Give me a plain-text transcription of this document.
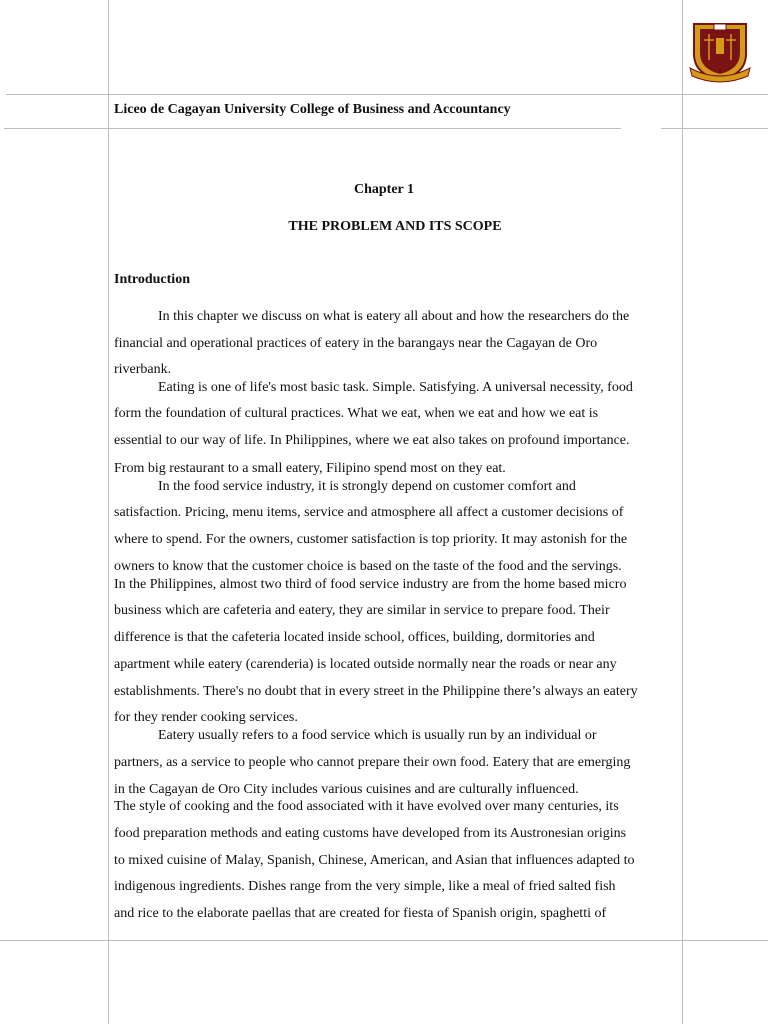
Liceo de Cagayan University College of Business and Accountancy
Chapter 1
THE PROBLEM AND ITS SCOPE
Introduction
In this chapter we discuss on what is eatery all about and how the researchers do the
financial and operational practices of eatery in the barangays near the Cagayan de Oro
riverbank.
Eating is one of life's most basic task. Simple. Satisfying. A universal necessity, food
form the foundation of cultural practices. What we eat, when we eat and how we eat is
essential to our way of life. In Philippines, where we eat also takes on profound importance.
From big restaurant to a small eatery, Filipino spend most on they eat.
In the food service industry, it is strongly depend on customer comfort and
satisfaction. Pricing, menu items, service and atmosphere all affect a customer decisions of
where to spend. For the owners, customer satisfaction is top priority. It may astonish for the
owners to know that the customer choice is based on the taste of the food and the servings.
In the Philippines, almost two third of food service industry are from the home based micro
business which are cafeteria and eatery, they are similar in service to prepare food. Their
difference is that the cafeteria located inside school, offices, building, dormitories and
apartment while eatery (carenderia) is located outside normally near the roads or near any
establishments. There's no doubt that in every street in the Philippine there’s always an eatery
for they render cooking services.
Eatery usually refers to a food service which is usually run by an individual or
partners, as a service to people who cannot prepare their own food. Eatery that are emerging
in the Cagayan de Oro City includes various cuisines and are culturally influenced.
The style of cooking and the food associated with it have evolved over many centuries, its
food preparation methods and eating customs have developed from its Austronesian origins
to mixed cuisine of Malay, Spanish, Chinese, American, and Asian that influences adapted to
indigenous ingredients. Dishes range from the very simple, like a meal of fried salted fish
and rice to the elaborate paellas that are created for fiesta of Spanish origin, spaghetti of
